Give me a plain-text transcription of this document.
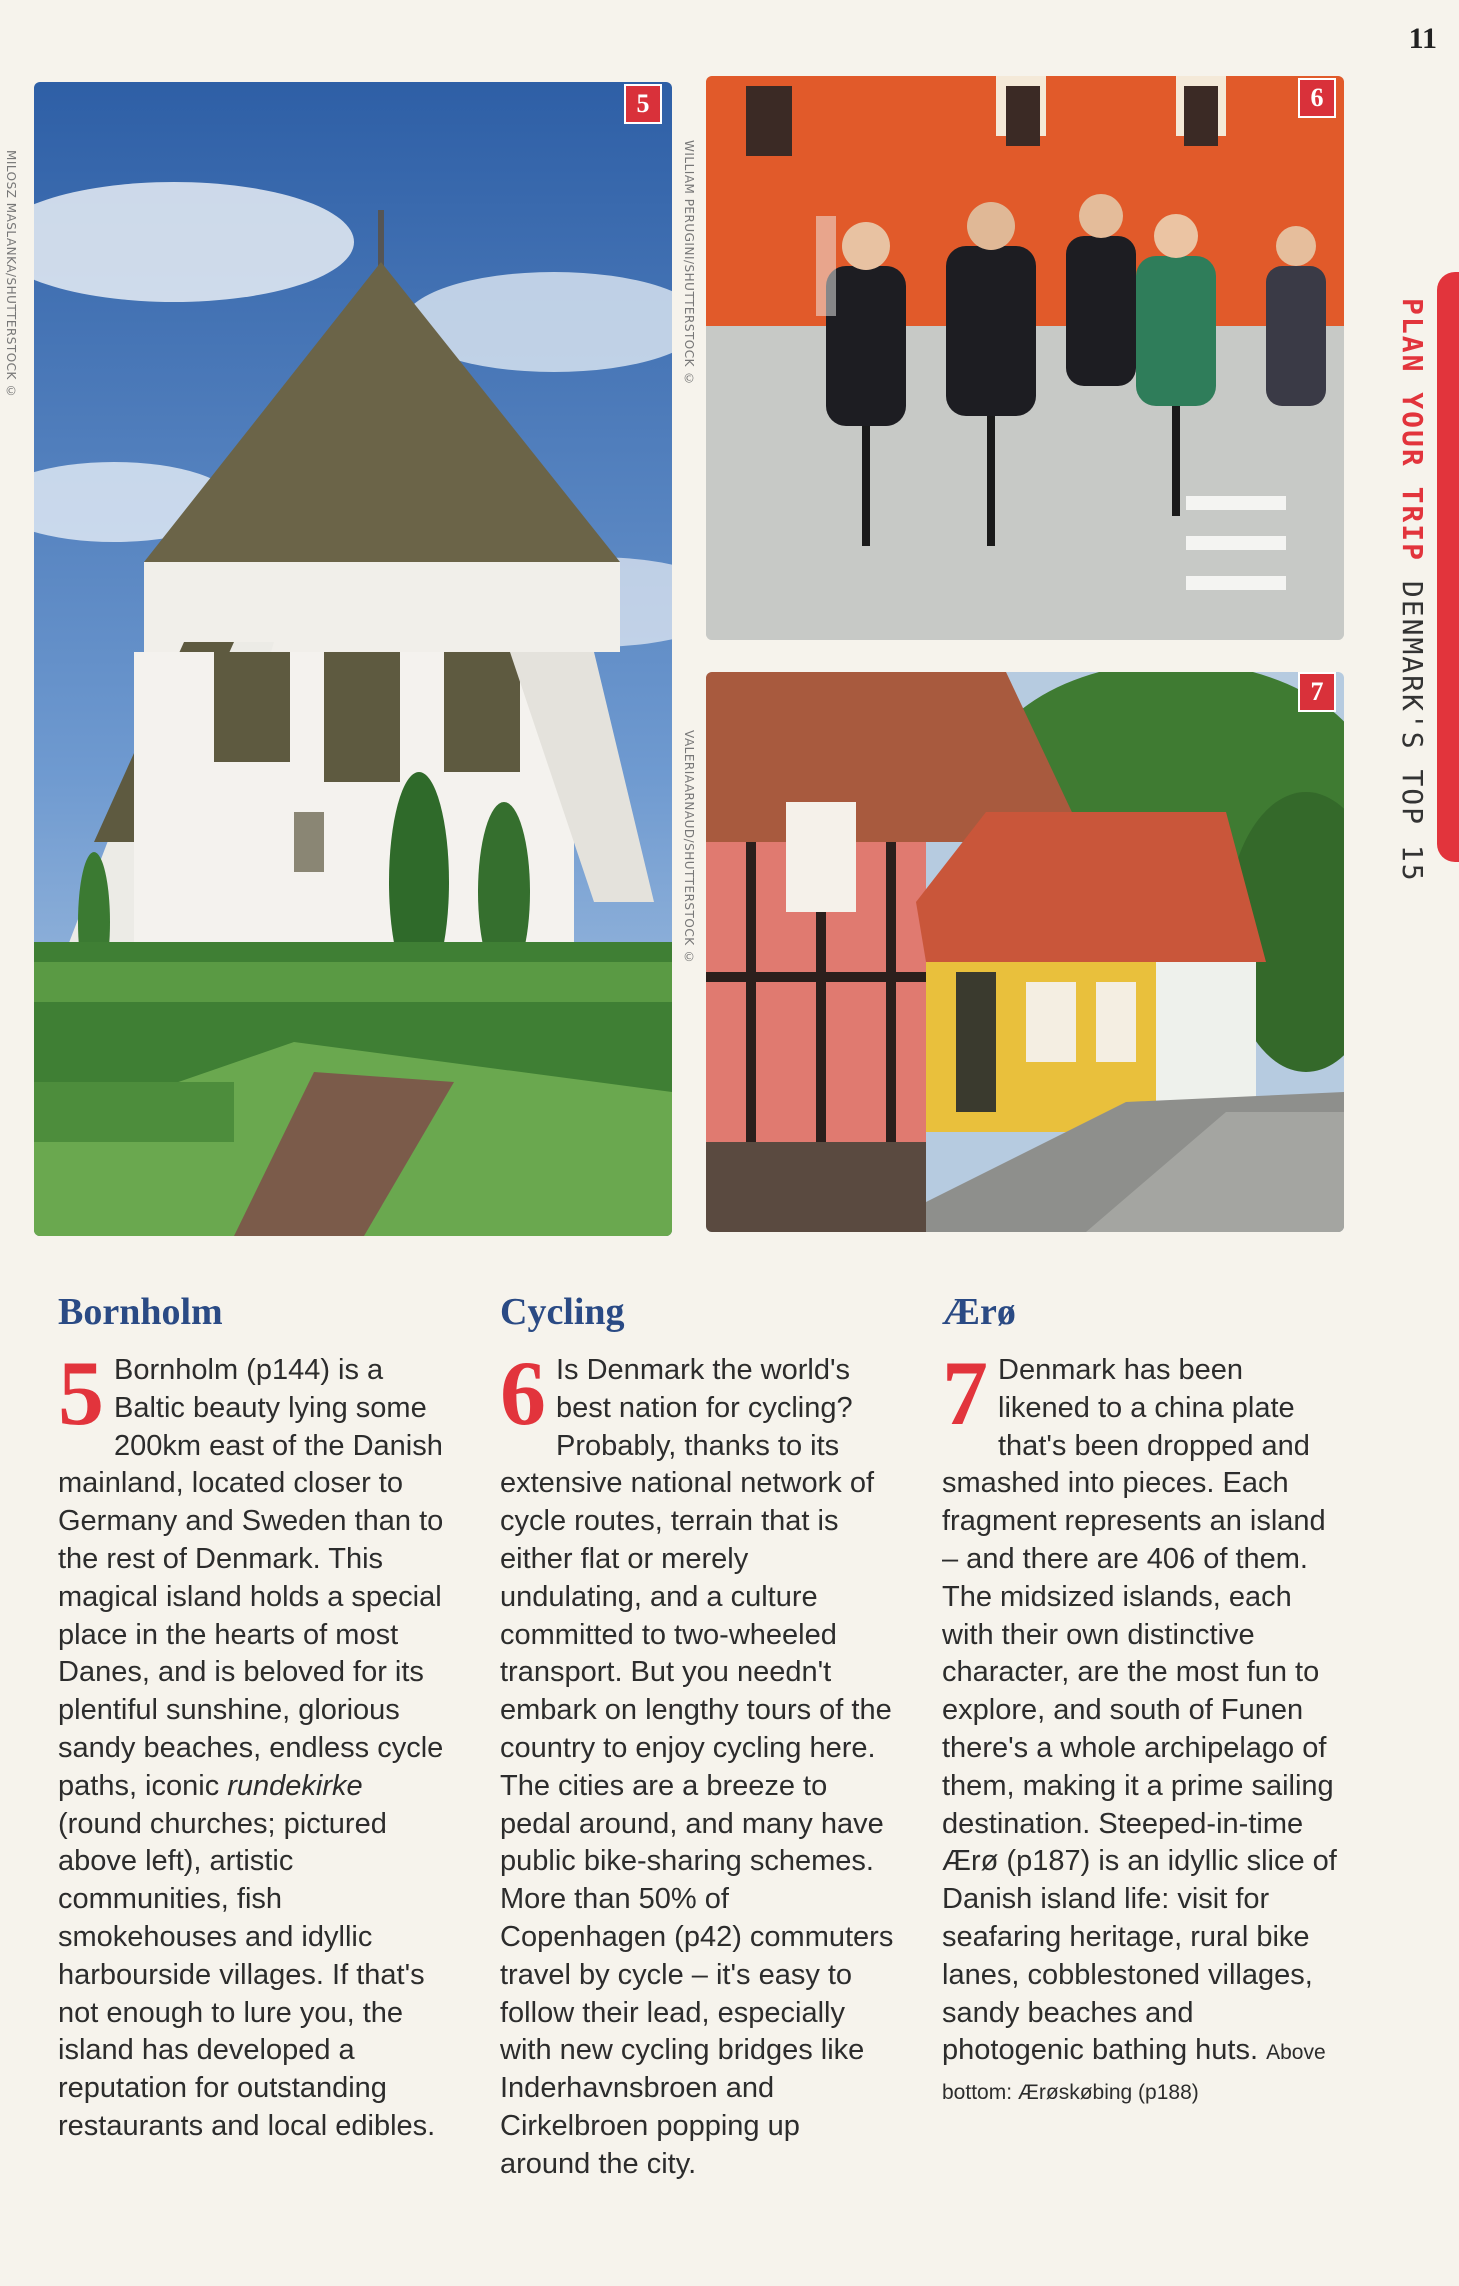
11
PLAN YOUR TRIP DENMARK'S TOP 15
MILOSZ MASLANKA/SHUTTERSTOCK ©
5
WILLIAM PERUGINI/SHUTTERSTOCK ©
6
VALERIAARNAUD/SHUTTERSTOCK ©
7
Bornholm

5 Bornholm (p144) is a Baltic beauty lying some 200km east of the Danish mainland, located closer to Germany and Sweden than to the rest of Denmark. This magical island holds a special place in the hearts of most Danes, and is beloved for its plentiful sunshine, glorious sandy beaches, endless cycle paths, iconic rundekirke (round churches; pictured above left), artistic communities, fish smokehouses and idyllic harbourside villages. If that's not enough to lure you, the island has developed a reputation for outstanding restaurants and local edibles.

Cycling

6 Is Denmark the world's best nation for cycling? Probably, thanks to its extensive national network of cycle routes, terrain that is either flat or merely undulating, and a culture committed to two-wheeled transport. But you needn't embark on lengthy tours of the country to enjoy cycling here. The cities are a breeze to pedal around, and many have public bike-sharing schemes. More than 50% of Copenhagen (p42) commuters travel by cycle – it's easy to follow their lead, especially with new cycling bridges like Inderhavnsbroen and Cirkelbroen popping up around the city.

Ærø

7 Denmark has been likened to a china plate that's been dropped and smashed into pieces. Each fragment represents an island – and there are 406 of them. The midsized islands, each with their own distinctive character, are the most fun to explore, and south of Funen there's a whole archipelago of them, making it a prime sailing destination. Steeped-in-time Ærø (p187) is an idyllic slice of Danish island life: visit for seafaring heritage, rural bike lanes, cobblestoned villages, sandy beaches and photogenic bathing huts. Above bottom: Ærøskøbing (p188)
